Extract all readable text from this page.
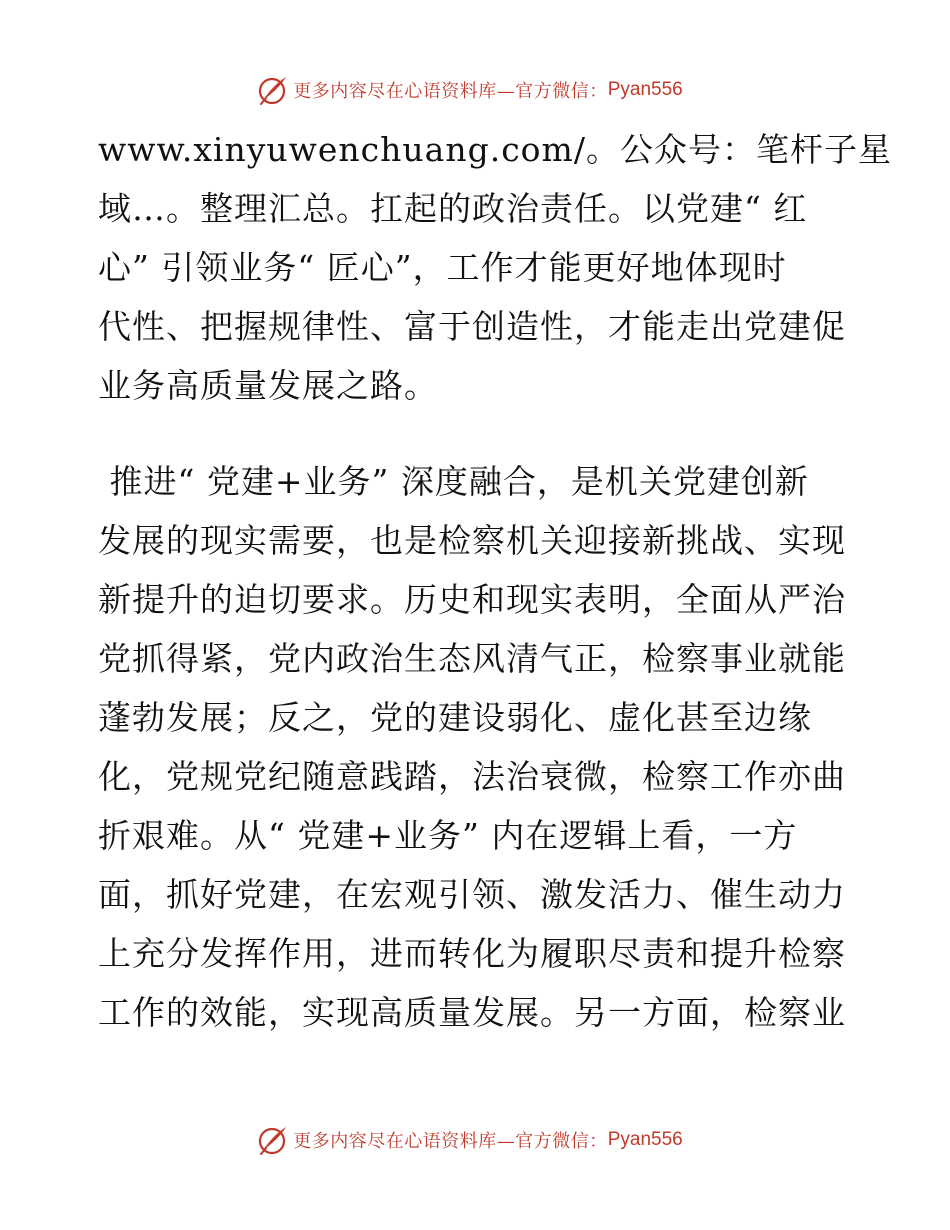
更多内容尽在心语资料库—官方微信： Pyan556
www.xinyuwenchuang.com/。公众号：笔杆子星
域…。整理汇总。扛起的政治责任。以党建“ 红
心” 引领业务“ 匠心”，工作才能更好地体现时
代性、把握规律性、富于创造性，才能走出党建促
业务高质量发展之路。
推进“ 党建+业务” 深度融合，是机关党建创新
发展的现实需要，也是检察机关迎接新挑战、实现
新提升的迫切要求。历史和现实表明，全面从严治
党抓得紧，党内政治生态风清气正，检察事业就能
蓬勃发展；反之，党的建设弱化、虚化甚至边缘
化，党规党纪随意践踏，法治衰微，检察工作亦曲
折艰难。从“ 党建+业务” 内在逻辑上看，一方
面，抓好党建，在宏观引领、激发活力、催生动力
上充分发挥作用，进而转化为履职尽责和提升检察
工作的效能，实现高质量发展。另一方面，检察业
更多内容尽在心语资料库—官方微信： Pyan556
